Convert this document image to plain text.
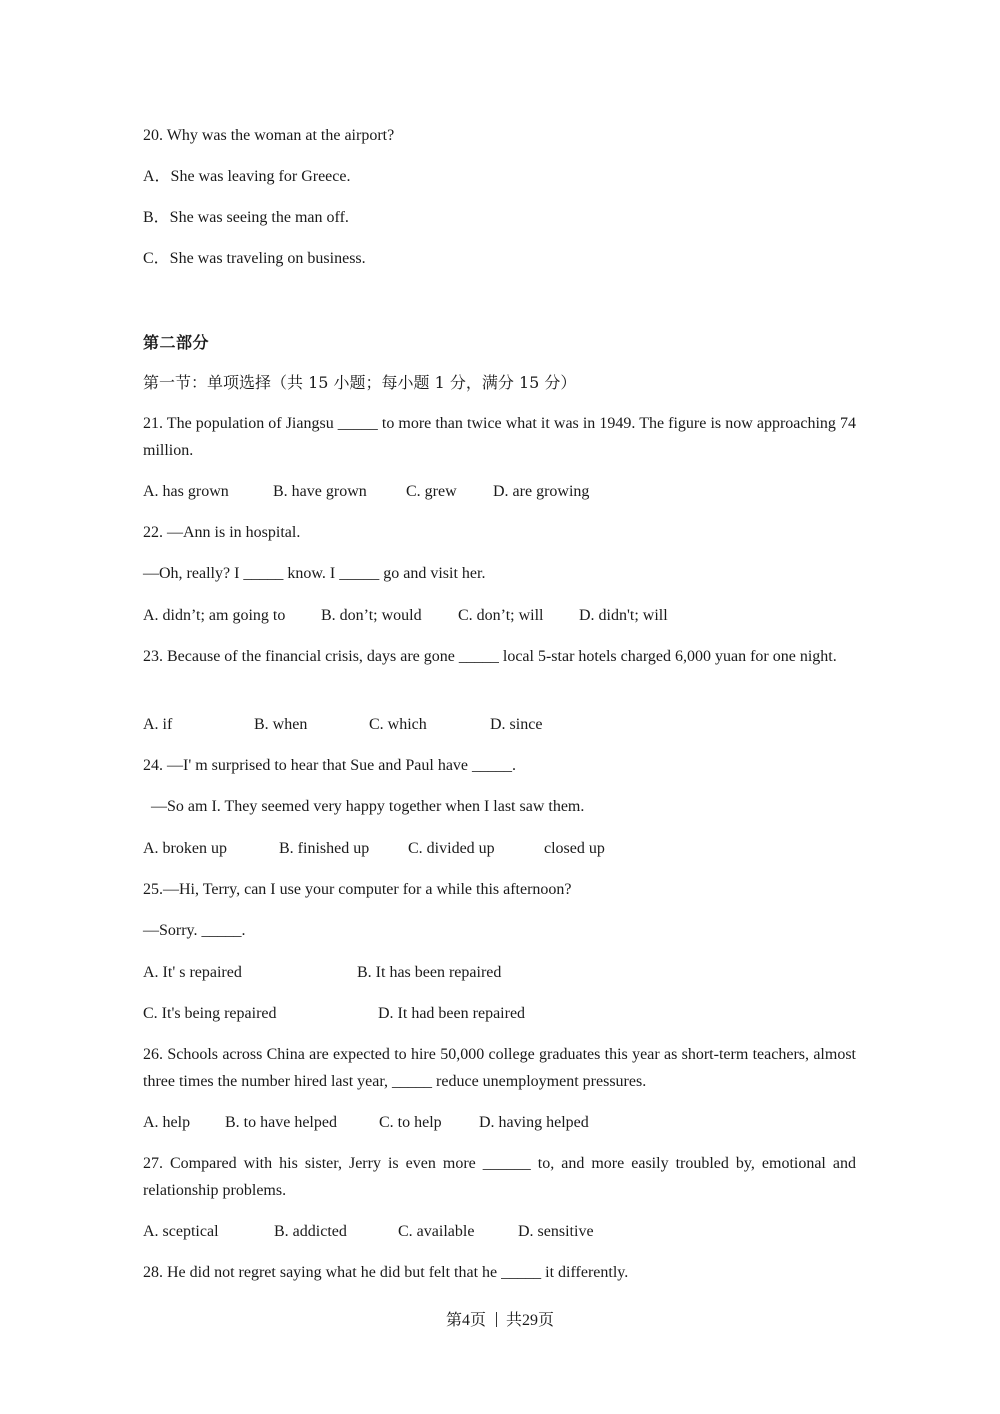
20. Why was the woman at the airport?
A．She was leaving for Greece.
B．She was seeing the man off.
C．She was traveling on business.
第二部分
第一节：单项选择（共 15 小题；每小题 1 分，满分 15 分）
21. The population of Jiangsu _____ to more than twice what it was in 1949. The figure is now approaching 74 million.
A. has grown	B. have grown C. grew D. are growing
22. —Ann is in hospital.
—Oh, really? I _____ know. I _____ go and visit her.
A. didn’t; am going to B. don’t; would C. don’t; will D. didn't; will
23. Because of the financial crisis, days are gone _____ local 5-star hotels charged 6,000 yuan for one night.
A. if	B. when	C. which	D. since
24. —I' m surprised to hear that Sue and Paul have _____.
—So am I. They seemed very happy together when I last saw them.
A. broken up	B. finished up C. divided up	closed up
25.—Hi, Terry, can I use your computer for a while this afternoon?
—Sorry. _____.
A. It' s repaired	B. It has been repaired
C. It's being repaired	D. It had been repaired
26. Schools across China are expected to hire 50,000 college graduates this year as short-term teachers, almost three times the number hired last year, _____ reduce unemployment pressures.
A. help B. to have helped	C. to help D. having helped
27. Compared with his sister, Jerry is even more ______ to, and more easily troubled by, emotional and relationship problems.
A. sceptical	B. addicted	C. available	D. sensitive
28. He did not regret saying what he did but felt that he _____ it differently.
第4页 共29页
